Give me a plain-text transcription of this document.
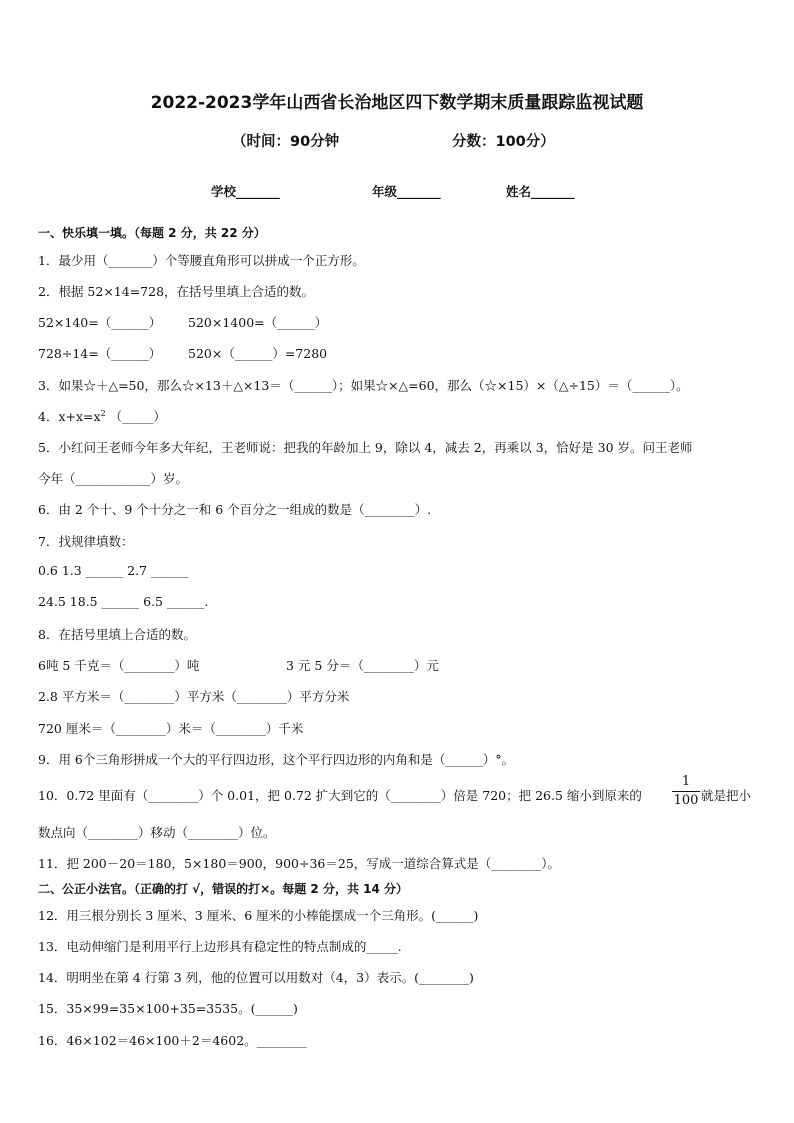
2022-2023学年山西省长治地区四下数学期末质量跟踪监视试题
（时间：90分钟	分数：100分）
学校_______	年级_______	姓名_______
一、快乐填一填。（每题 2 分，共 22 分）
1．最少用（_______）个等腰直角形可以拼成一个正方形。
2．根据 52×14=728，在括号里填上合适的数。
52×140=（______） 520×1400=（______）
728÷14=（______） 520×（______）=7280
3．如果☆＋△=50，那么☆×13＋△×13＝（______）；如果☆×△=60，那么（☆×15）×（△÷15）＝（______）。
4．$x+x=x^2$ （_____）
5．小红问王老师今年多大年纪，王老师说：把我的年龄加上 9，除以 4，减去 2，再乘以 3，恰好是 30 岁。问王老师
今年（____________）岁。
6．由 2 个十、9 个十分之一和 6 个百分之一组成的数是（________）.
7．找规律填数：
0.6 1.3 ______ 2.7 ______
24.5 18.5 ______ 6.5 ______.
8．在括号里填上合适的数。
6吨 5 千克＝（________）吨	3 元 5 分＝（________）元
2.8 平方米＝（________）平方米（________）平方分米
720 厘米＝（________）米＝（________）千米
9．用 6个三角形拼成一个大的平行四边形，这个平行四边形的内角和是（______）°。
10．0.72 里面有（________）个 0.01，把 0.72 扩大到它的（________）倍是 720；把 26.5 缩小到原来的 $\frac{1}{100}$ 就是把小
数点向（________）移动（________）位。
11．把 200－20＝180，5×180＝900，900÷36＝25，写成一道综合算式是（________）。
二、公正小法官。（正确的打 √，错误的打×。每题 2 分，共 14 分）
12．用三根分别长 3 厘米、3 厘米、6 厘米的小棒能摆成一个三角形。(______)
13．电动伸缩门是利用平行上边形具有稳定性的特点制成的_____.
14．明明坐在第 4 行第 3 列，他的位置可以用数对（4，3）表示。(________)
15．35×99=35×100+35=3535。(______)
16．46×102＝46×100＋2＝4602。________
